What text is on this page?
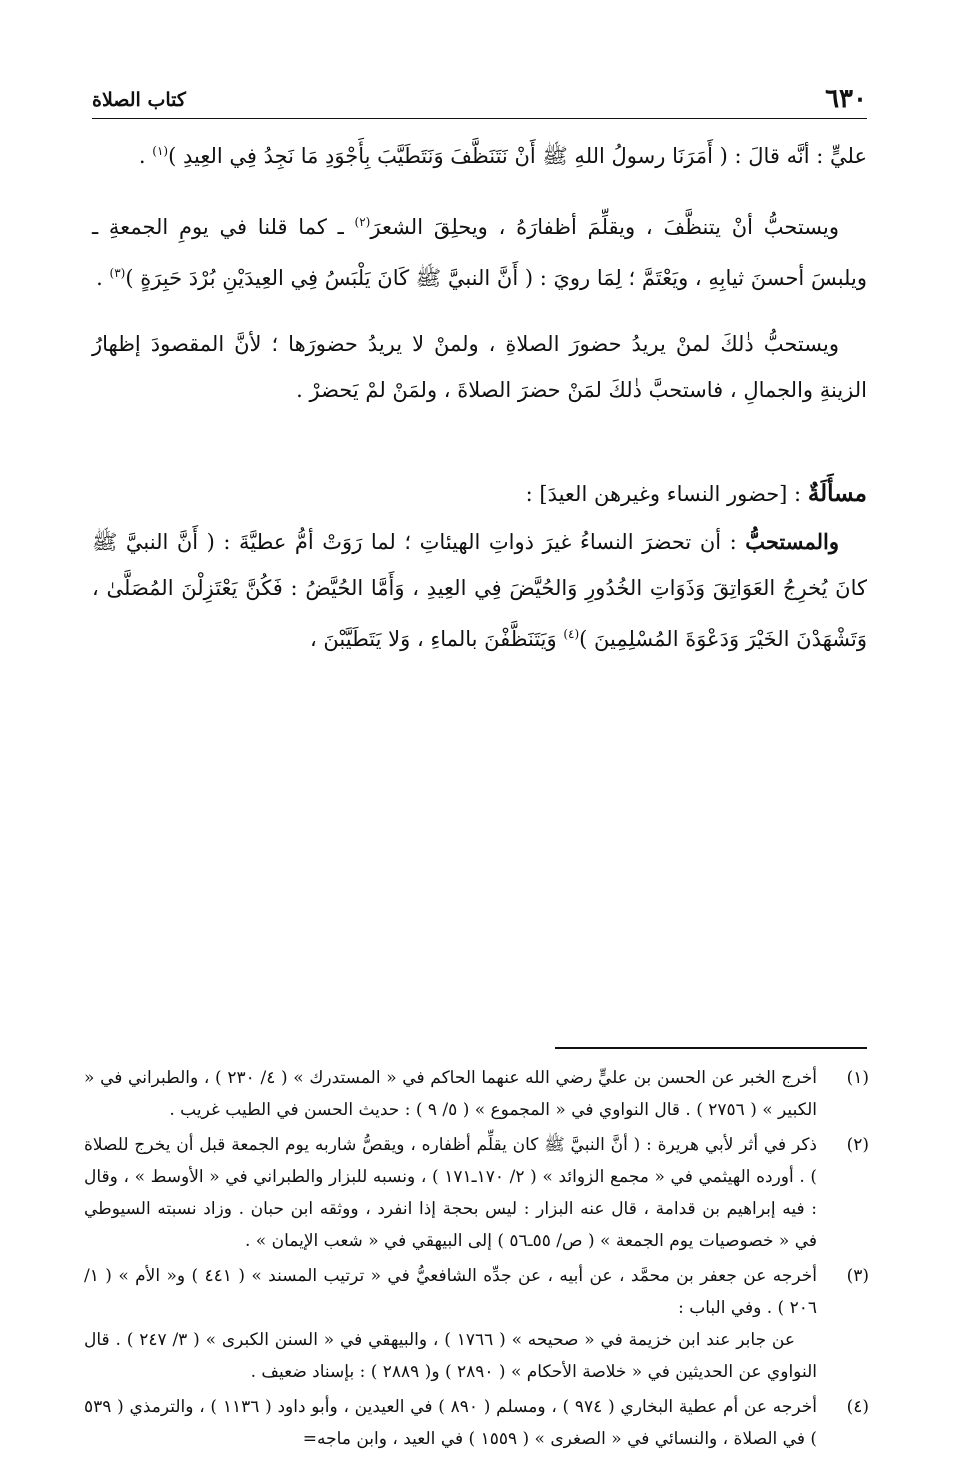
٦٣٠
كتاب الصلاة

عليٍّ : أنَّه قالَ : ( أَمَرَنَا رسولُ اللهِ ﷺ أَنْ نَتَنَظَّفَ وَنَتَطَيَّبَ بِأَجْوَدِ مَا نَجِدُ فِي العِيدِ )$^{(١)}$ .

ويستحبُّ أنْ يتنظَّفَ ، ويقلِّمَ أظفارَهُ ، ويحلِقَ الشعرَ$^{(٢)}$ ـ كما قلنا في يومِ الجمعةِ ـ ويلبسَ أحسنَ ثيابِهِ ، ويَعْتَمَّ ؛ لِمَا رويَ : ( أَنَّ النبيَّ ﷺ كَانَ يَلْبَسُ فِي العِيدَيْنِ بُرْدَ حَبِرَةٍ )$^{(٣)}$ .

ويستحبُّ ذٰلكَ لمنْ يريدُ حضورَ الصلاةِ ، ولمنْ لا يريدُ حضورَها ؛ لأنَّ المقصودَ إظهارُ الزينةِ والجمالِ ، فاستحبَّ ذٰلكَ لمَنْ حضرَ الصلاةَ ، ولمَنْ لمْ يَحضرْ .

مسأَلَةٌ : [حضور النساء وغيرهن العيدَ] :

والمستحبُّ : أن تحضرَ النساءُ غيرَ ذواتِ الهيئاتِ ؛ لما رَوَتْ أمُّ عطيَّةَ : ( أَنَّ النبيَّ ﷺ كانَ يُخرِجُ العَوَاتِقَ وَذَوَاتِ الخُدُورِ وَالحُيَّضَ فِي العِيدِ ، وَأَمَّا الحُيَّضُ : فَكُنَّ يَعْتَزِلْنَ المُصَلَّىٰ ، وَتَشْهَدْنَ الخَيْرَ وَدَعْوَةَ المُسْلِمِينَ )$^{(٤)}$ وَيَتَنَظَّفْنَ بالماءِ ، وَلا يَتَطَيَّبْنَ ،

(١)
أخرج الخبر عن الحسن بن عليٍّ رضي الله عنهما الحاكم في « المستدرك » ( ٤/ ٢٣٠ ) ، والطبراني في « الكبير » ( ٢٧٥٦ ) . قال النواوي في « المجموع » ( ٥/ ٩ ) : حديث الحسن في الطيب غريب .
(٢)
ذكر في أثر لأبي هريرة : ( أنَّ النبيَّ ﷺ كان يقلِّم أظفاره ، ويقصُّ شاربه يوم الجمعة قبل أن يخرج للصلاة ) . أورده الهيثمي في « مجمع الزوائد » ( ٢/ ١٧٠ـ١٧١ ) ، ونسبه للبزار والطبراني في « الأوسط » ، وقال : فيه إبراهيم بن قدامة ، قال عنه البزار : ليس بحجة إذا انفرد ، ووثقه ابن حبان . وزاد نسبته السيوطي في « خصوصيات يوم الجمعة » ( ص/ ٥٥ـ٥٦ ) إلى البيهقي في « شعب الإيمان » .
(٣)
أخرجه عن جعفر بن محمَّد ، عن أبيه ، عن جدِّه الشافعيُّ في « ترتيب المسند » ( ٤٤١ ) و« الأم » ( ١/ ٢٠٦ ) . وفي الباب :
عن جابر عند ابن خزيمة في « صحيحه » ( ١٧٦٦ ) ، والبيهقي في « السنن الكبرى » ( ٣/ ٢٤٧ ) . قال النواوي عن الحديثين في « خلاصة الأحكام » ( ٢٨٩٠ ) و( ٢٨٨٩ ) : بإسناد ضعيف .
(٤)
أخرجه عن أم عطية البخاري ( ٩٧٤ ) ، ومسلم ( ٨٩٠ ) في العيدين ، وأبو داود ( ١١٣٦ ) ، والترمذي ( ٥٣٩ ) في الصلاة ، والنسائي في « الصغرى » ( ١٥٥٩ ) في العيد ، وابن ماجه=
